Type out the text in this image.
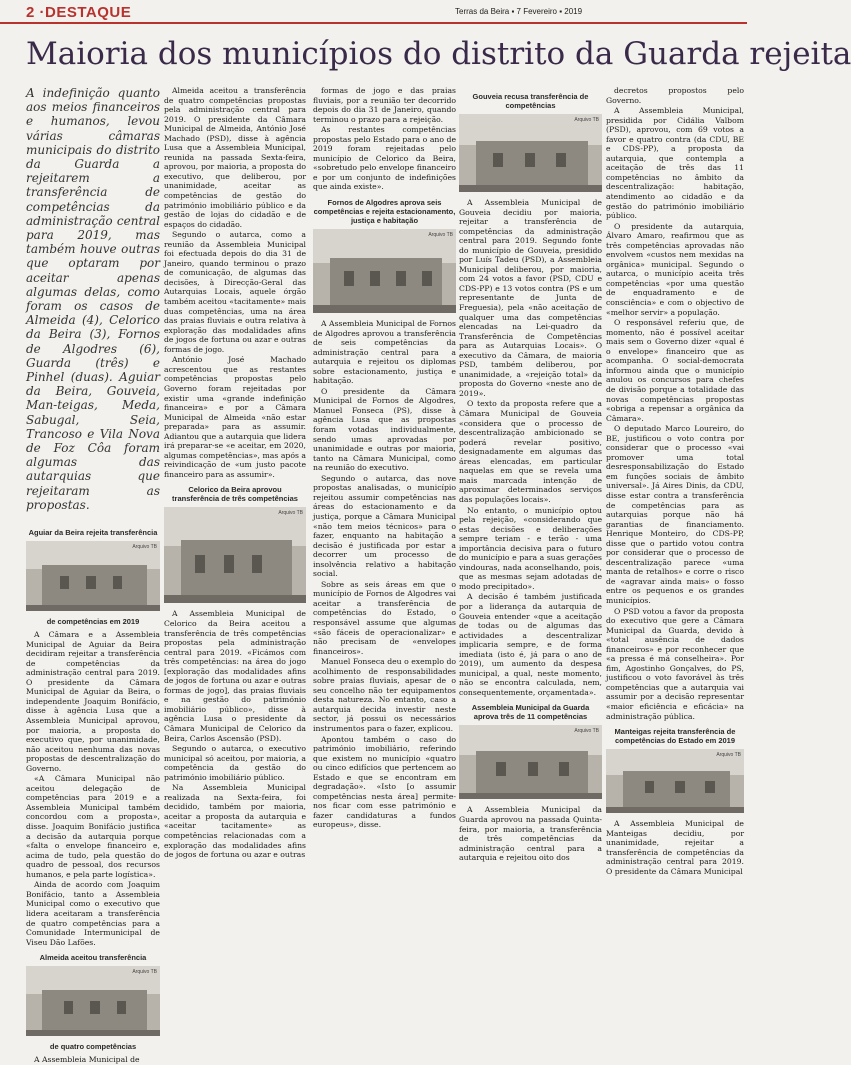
2 ·DESTAQUE	Terras da Beira ▪ 7 Fevereiro ▪ 2019
Maioria dos municípios do distrito da Guarda rejeita
A indefinição quanto aos meios financeiros e humanos, levou várias câmaras municipais do distrito da Guarda a rejeitarem a transferência de competências da administração central para 2019, mas também houve outras que optaram por aceitar apenas algumas delas, como foram os casos de Almeida (4), Celorico da Beira (3), Fornos de Algodres (6), Guarda (três) e Pinhel (duas). Aguiar da Beira, Gouveia, Man-teigas, Meda, Sabugal, Seia, Trancoso e Vila Nova de Foz Côa foram algumas das autarquias que rejeitaram as propostas.
Aguiar da Beira rejeita transferência
Arquivo TB
de competências em 2019

A Câmara e a Assembleia Municipal de Aguiar da Beira decidiram rejeitar a transferência de competências da administração central para 2019. O presidente da Câmara Municipal de Aguiar da Beira, o independente Joaquim Bonifácio, disse à agência Lusa que a Assembleia Municipal aprovou, por maioria, a proposta do executivo que, por unanimidade, não aceitou nenhuma das novas propostas de descentralização do Governo.

«A Câmara Municipal não aceitou delegação de competências para 2019 e a Assembleia Municipal também concordou com a proposta», disse. Joaquim Bonifácio justifica a decisão da autarquia porque «falta o envelope financeiro e, acima de tudo, pela questão do quadro de pessoal, dos recursos humanos, e pela parte logística».

Ainda de acordo com Joaquim Bonifácio, tanto a Assembleia Municipal como o executivo que lidera aceitaram a transferência de quatro competências para a Comunidade Intermunicipal de Viseu Dão Lafões.

Almeida aceitou transferência
Arquivo TB
de quatro competências

A Assembleia Municipal de

Almeida aceitou a transferência de quatro competências propostas pela administração central para 2019. O presidente da Câmara Municipal de Almeida, António José Machado (PSD), disse à agência Lusa que a Assembleia Municipal, reunida na passada Sexta-feira, aprovou, por maioria, a proposta do executivo, que deliberou, por unanimidade, aceitar as competências de gestão do património imobiliário público e da gestão de lojas do cidadão e de espaços do cidadão.

Segundo o autarca, como a reunião da Assembleia Municipal foi efectuada depois do dia 31 de Janeiro, quando terminou o prazo de comunicação, de algumas das decisões, à Direcção-Geral das Autarquias Locais, aquele órgão também aceitou «tacitamente» mais duas competências, uma na área das praias fluviais e outra relativa à exploração das modalidades afins de jogos de fortuna ou azar e outras formas de jogo.

António José Machado acrescentou que as restantes competências propostas pelo Governo foram rejeitadas por existir uma «grande indefinição financeira» e por a Câmara Municipal de Almeida «não estar preparada» para as assumir. Adiantou que a autarquia que lidera irá preparar-se «e aceitar, em 2020, algumas competências», mas após a reivindicação de «um justo pacote financeiro para as assumir».

Celorico da Beira aprovou transferência de três competências
Arquivo TB

A Assembleia Municipal de Celorico da Beira aceitou a transferência de três competências propostas pela administração central para 2019. «Ficámos com três competências: na área do jogo [exploração das modalidades afins de jogos de fortuna ou azar e outras formas de jogo], das praias fluviais e na gestão do património imobiliário público», disse à agência Lusa o presidente da Câmara Municipal de Celorico da Beira, Carlos Ascensão (PSD).

Segundo o autarca, o executivo municipal só aceitou, por maioria, a competência da gestão do património imobiliário público.

Na Assembleia Municipal realizada na Sexta-feira, foi decidido, também por maioria, aceitar a proposta da autarquia e «aceitar tacitamente» as competências relacionadas com a exploração das modalidades afins de jogos de fortuna ou azar e outras

formas de jogo e das praias fluviais, por a reunião ter decorrido depois do dia 31 de Janeiro, quando terminou o prazo para a rejeição.

As restantes competências propostas pelo Estado para o ano de 2019 foram rejeitadas pelo município de Celorico da Beira, «sobretudo pelo envelope financeiro e por um conjunto de indefinições que ainda existe».

Fornos de Algodres aprova seis competências e rejeita estacionamento, justiça e habitação
Arquivo TB

A Assembleia Municipal de Fornos de Algodres aprovou a transferência de seis competências da administração central para a autarquia e rejeitou os diplomas sobre estacionamento, justiça e habitação.

O presidente da Câmara Municipal de Fornos de Algodres, Manuel Fonseca (PS), disse à agência Lusa que as propostas foram votadas individualmente, sendo umas aprovadas por unanimidade e outras por maioria, tanto na Câmara Municipal, como na reunião do executivo.

Segundo o autarca, das nove propostas analisadas, o município rejeitou assumir competências nas áreas do estacionamento e da justiça, porque a Câmara Municipal «não tem meios técnicos» para o fazer, enquanto na habitação a decisão é justificada por estar a decorrer um processo de insolvência relativo a habitação social.

Sobre as seis áreas em que o município de Fornos de Algodres vai aceitar a transferência de competências do Estado, o responsável assume que algumas «são fáceis de operacionalizar» e não precisam de «envelopes financeiros».

Manuel Fonseca deu o exemplo do acolhimento de responsabilidades sobre praias fluviais, apesar de o seu concelho não ter equipamentos desta natureza. No entanto, caso a autarquia decida investir neste sector, já possui os necessários instrumentos para o fazer, explicou.

Apontou também o caso do património imobiliário, referindo que existem no município «quatro ou cinco edifícios que pertencem ao Estado e que se encontram em degradação». «Isto [o assumir competências nesta área] permite-nos ficar com esse património e fazer candidaturas a fundos europeus», disse.

Gouveia recusa transferência de competências
Arquivo TB

A Assembleia Municipal de Gouveia decidiu por maioria, rejeitar a transferência de competências da administração central para 2019. Segundo fonte do município de Gouveia, presidido por Luís Tadeu (PSD), a Assembleia Municipal deliberou, por maioria, com 24 votos a favor (PSD, CDU e CDS-PP) e 13 votos contra (PS e um representante de Junta de Freguesia), pela «não aceitação de qualquer uma das competências elencadas na Lei-quadro da Transferência de Competências para as Autarquias Locais». O executivo da Câmara, de maioria PSD, também deliberou, por unanimidade, a «rejeição total» da proposta do Governo «neste ano de 2019».

O texto da proposta refere que a Câmara Municipal de Gouveia «considera que o processo de descentralização ambicionado se poderá revelar positivo, designadamente em algumas das áreas elencadas, em particular naquelas em que se revela uma mais marcada intenção de aproximar determinados serviços das populações locais».

No entanto, o município optou pela rejeição, «considerando que estas decisões e deliberações sempre teriam - e terão - uma importância decisiva para o futuro do município e para a suas gerações vindouras, nada aconselhando, pois, que as mesmas sejam adotadas de modo precipitado».

A decisão é também justificada por a liderança da autarquia de Gouveia entender «que a aceitação de todas ou de algumas das actividades a descentralizar implicaria sempre, e de forma imediata (isto é, já para o ano de 2019), um aumento da despesa municipal, a qual, neste momento, não se encontra calculada, nem, consequentemente, orçamentada».

Assembleia Municipal da Guarda aprova três de 11 competências
Arquivo TB

A Assembleia Municipal da Guarda aprovou na passada Quinta-feira, por maioria, a transferência de três competências da administração central para a autarquia e rejeitou oito dos

decretos propostos pelo Governo.

A Assembleia Municipal, presidida por Cidália Valbom (PSD), aprovou, com 69 votos a favor e quatro contra (da CDU, BE e CDS-PP), a proposta da autarquia, que contempla a aceitação de três das 11 competências no âmbito da descentralização: habitação, atendimento ao cidadão e da gestão do património imobiliário público.

O presidente da autarquia, Álvaro Amaro, reafirmou que as três competências aprovadas não envolvem «custos nem mexidas na orgânica» municipal. Segundo o autarca, o município aceita três competências «por uma questão de enquadramento e de consciência» e com o objectivo de «melhor servir» a população.

O responsável referiu que, de momento, não é possível aceitar mais sem o Governo dizer «qual é o envelope» financeiro que as acompanha. O social-democrata informou ainda que o município anulou os concursos para chefes de divisão porque a totalidade das novas competências propostas «obriga a repensar a orgânica da Câmara».

O deputado Marco Loureiro, do BE, justificou o voto contra por considerar que o processo «vai promover uma total desresponsabilização do Estado em funções sociais de âmbito universal». Já Aires Dinis, da CDU, disse estar contra a transferência de competências para as autarquias porque não há garantias de financiamento. Henrique Monteiro, do CDS-PP, disse que o partido votou contra por considerar que o processo de descentralização parece «uma manta de retalhos» e corre o risco de «agravar ainda mais» o fosso entre os pequenos e os grandes municípios.

O PSD votou a favor da proposta do executivo que gere a Câmara Municipal da Guarda, devido à «total ausência de dados financeiros» e por reconhecer que «a pressa é má conselheira». Por fim, Agostinho Gonçalves, do PS, justificou o voto favorável às três competências que a autarquia vai assumir por a decisão representar «maior eficiência e eficácia» na administração pública.

Manteigas rejeita transferência de competências do Estado em 2019
Arquivo TB

A Assembleia Municipal de Manteigas decidiu, por unanimidade, rejeitar a transferência de competências da administração central para 2019. O presidente da Câmara Municipal
